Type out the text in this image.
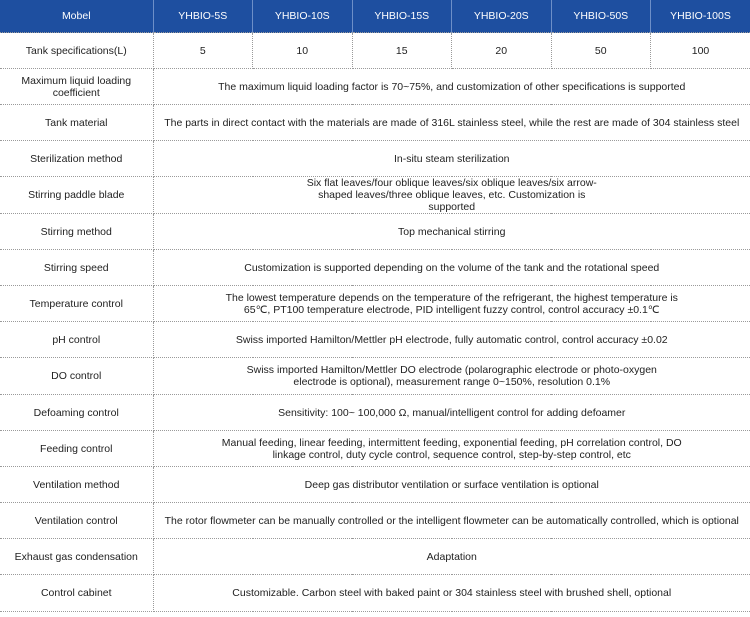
Mobel	YHBIO-5S	YHBIO-10S	YHBIO-15S	YHBIO-20S	YHBIO-50S	YHBIO-100S
Tank specifications(L)	5	10	15	20	50	100
Maximum liquid loading coefficient	The maximum liquid loading factor is 70~75%, and customization of other specifications is supported					
Tank material	The parts in direct contact with the materials are made of 316L stainless steel, while the rest are made of 304 stainless steel					
Sterilization method	In-situ steam sterilization					
Stirring paddle blade	Six flat leaves/four oblique leaves/six oblique leaves/six arrow-shaped leaves/three oblique leaves, etc. Customization is supported					
Stirring method	Top mechanical stirring					
Stirring speed	Customization is supported depending on the volume of the tank and the rotational speed					
Temperature control	The lowest temperature depends on the temperature of the refrigerant, the highest temperature is 65℃, PT100 temperature electrode, PID intelligent fuzzy control, control accuracy ±0.1℃					
pH control	Swiss imported Hamilton/Mettler pH electrode, fully automatic control, control accuracy ±0.02					
DO control	Swiss imported Hamilton/Mettler DO electrode (polarographic electrode or photo-oxygen electrode is optional), measurement range 0~150%, resolution 0.1%					
Defoaming control	Sensitivity: 100~ 100,000 Ω, manual/intelligent control for adding defoamer					
Feeding control	Manual feeding, linear feeding, intermittent feeding, exponential feeding, pH correlation control, DO linkage control, duty cycle control, sequence control, step-by-step control, etc					
Ventilation method	Deep gas distributor ventilation or surface ventilation is optional					
Ventilation control	The rotor flowmeter can be manually controlled or the intelligent flowmeter can be automatically controlled, which is optional					
Exhaust gas condensation	Adaptation					
Control cabinet	Customizable. Carbon steel with baked paint or 304 stainless steel with brushed shell, optional					
